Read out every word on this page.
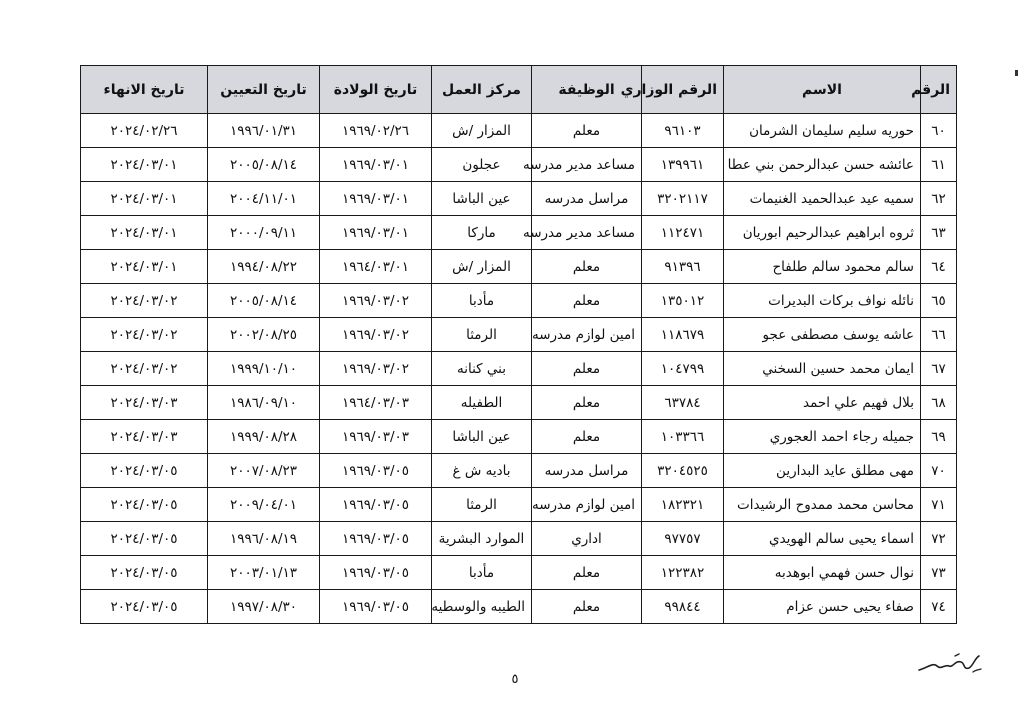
الرقم	الاسم	الرقم الوزاري	الوظيفة	مركز العمل	تاريخ الولادة	تاريخ التعيين	تاريخ الانهاء
٦٠	حوريه سليم سليمان الشرمان	٩٦١٠٣	معلم	المزار /ش	١٩٦٩/٠٢/٢٦	١٩٩٦/٠١/٣١	٢٠٢٤/٠٢/٢٦
٦١	عائشه حسن عبدالرحمن بني عطا	١٣٩٩٦١	مساعد مدير مدرسه	عجلون	١٩٦٩/٠٣/٠١	٢٠٠٥/٠٨/١٤	٢٠٢٤/٠٣/٠١
٦٢	سميه عيد عبدالحميد الغنيمات	٣٢٠٢١١٧	مراسل مدرسه	عين الباشا	١٩٦٩/٠٣/٠١	٢٠٠٤/١١/٠١	٢٠٢٤/٠٣/٠١
٦٣	ثروه ابراهيم عبدالرحيم ابوريان	١١٢٤٧١	مساعد مدير مدرسه	ماركا	١٩٦٩/٠٣/٠١	٢٠٠٠/٠٩/١١	٢٠٢٤/٠٣/٠١
٦٤	سالم محمود سالم طلفاح	٩١٣٩٦	معلم	المزار /ش	١٩٦٤/٠٣/٠١	١٩٩٤/٠٨/٢٢	٢٠٢٤/٠٣/٠١
٦٥	نائله نواف بركات البديرات	١٣٥٠١٢	معلم	مأدبا	١٩٦٩/٠٣/٠٢	٢٠٠٥/٠٨/١٤	٢٠٢٤/٠٣/٠٢
٦٦	عاشه يوسف مصطفى عجو	١١٨٦٧٩	امين لوازم مدرسه	الرمثا	١٩٦٩/٠٣/٠٢	٢٠٠٢/٠٨/٢٥	٢٠٢٤/٠٣/٠٢
٦٧	ايمان محمد حسين السخني	١٠٤٧٩٩	معلم	بني كنانه	١٩٦٩/٠٣/٠٢	١٩٩٩/١٠/١٠	٢٠٢٤/٠٣/٠٢
٦٨	بلال فهيم علي احمد	٦٣٧٨٤	معلم	الطفيله	١٩٦٤/٠٣/٠٣	١٩٨٦/٠٩/١٠	٢٠٢٤/٠٣/٠٣
٦٩	جميله رجاء احمد العجوري	١٠٣٣٦٦	معلم	عين الباشا	١٩٦٩/٠٣/٠٣	١٩٩٩/٠٨/٢٨	٢٠٢٤/٠٣/٠٣
٧٠	مهى مطلق عايد البدارين	٣٢٠٤٥٢٥	مراسل مدرسه	باديه ش غ	١٩٦٩/٠٣/٠٥	٢٠٠٧/٠٨/٢٣	٢٠٢٤/٠٣/٠٥
٧١	محاسن محمد ممدوح الرشيدات	١٨٢٣٢١	امين لوازم مدرسه	الرمثا	١٩٦٩/٠٣/٠٥	٢٠٠٩/٠٤/٠١	٢٠٢٤/٠٣/٠٥
٧٢	اسماء يحيى سالم الهويدي	٩٧٧٥٧	اداري	الموارد البشرية	١٩٦٩/٠٣/٠٥	١٩٩٦/٠٨/١٩	٢٠٢٤/٠٣/٠٥
٧٣	نوال حسن فهمي ابوهدبه	١٢٢٣٨٢	معلم	مأدبا	١٩٦٩/٠٣/٠٥	٢٠٠٣/٠١/١٣	٢٠٢٤/٠٣/٠٥
٧٤	صفاء يحيى حسن عزام	٩٩٨٤٤	معلم	الطيبه والوسطيه	١٩٦٩/٠٣/٠٥	١٩٩٧/٠٨/٣٠	٢٠٢٤/٠٣/٠٥
٥
